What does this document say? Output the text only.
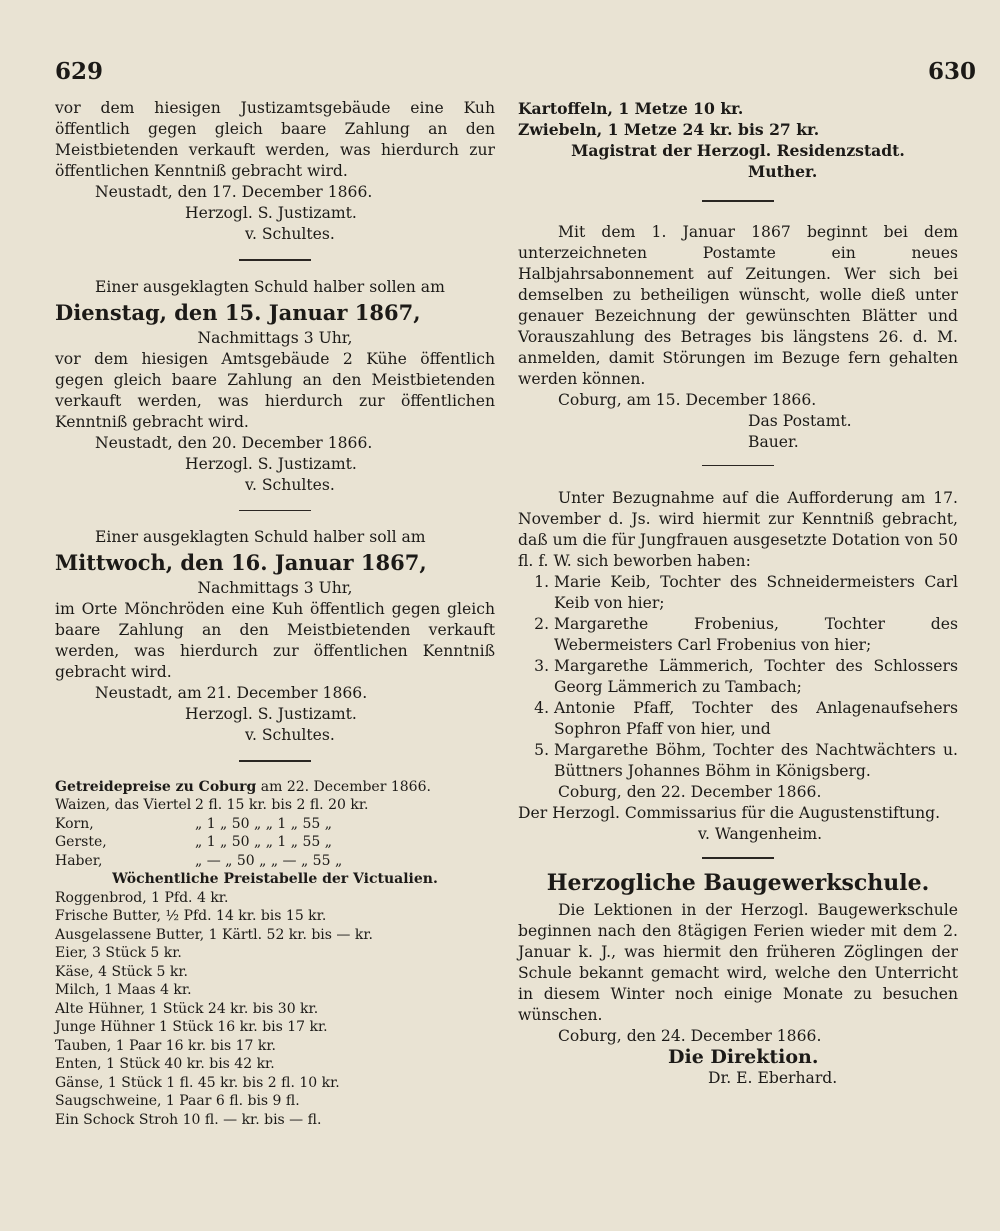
629	630

vor dem hiesigen Justizamtsgebäude eine Kuh öffentlich gegen gleich baare Zahlung an den Meistbietenden verkauft werden, was hierdurch zur öffentlichen Kenntniß gebracht wird.

Neustadt, den 17. December 1866.

Herzogl. S. Justizamt.

v. Schultes.

Einer ausgeklagten Schuld halber sollen am

Dienstag, den 15. Januar 1867,

Nachmittags 3 Uhr,

vor dem hiesigen Amtsgebäude 2 Kühe öffentlich gegen gleich baare Zahlung an den Meistbietenden verkauft werden, was hierdurch zur öffentlichen Kenntniß gebracht wird.

Neustadt, den 20. December 1866.

Herzogl. S. Justizamt.

v. Schultes.

Einer ausgeklagten Schuld halber soll am

Mittwoch, den 16. Januar 1867,

Nachmittags 3 Uhr,

im Orte Mönchröden eine Kuh öffentlich gegen gleich baare Zahlung an den Meistbietenden verkauft werden, was hierdurch zur öffentlichen Kenntniß gebracht wird.

Neustadt, am 21. December 1866.

Herzogl. S. Justizamt.

v. Schultes.

Getreidepreise zu Coburg am 22. December 1866.

Waizen, das Viertel 2 fl. 15 kr. bis 2 fl. 20 kr.
Korn,	„ 1 „ 50 „ „ 1 „ 55 „
Gerste,	„ 1 „ 50 „ „ 1 „ 55 „
Haber,	„ — „ 50 „ „ — „ 55 „

Wöchentliche Preistabelle der Victualien.

Roggenbrod, 1 Pfd. 4 kr.

Frische Butter, ½ Pfd. 14 kr. bis 15 kr.

Ausgelassene Butter, 1 Kärtl. 52 kr. bis — kr.

Eier, 3 Stück 5 kr.

Käse, 4 Stück 5 kr.

Milch, 1 Maas 4 kr.

Alte Hühner, 1 Stück 24 kr. bis 30 kr.

Junge Hühner 1 Stück 16 kr. bis 17 kr.

Tauben, 1 Paar 16 kr. bis 17 kr.

Enten, 1 Stück 40 kr. bis 42 kr.

Gänse, 1 Stück 1 fl. 45 kr. bis 2 fl. 10 kr.

Saugschweine, 1 Paar 6 fl. bis 9 fl.

Ein Schock Stroh 10 fl. — kr. bis — fl.

Kartoffeln, 1 Metze 10 kr.

Zwiebeln, 1 Metze 24 kr. bis 27 kr.

Magistrat der Herzogl. Residenzstadt.

Muther.

Mit dem 1. Januar 1867 beginnt bei dem unterzeichneten Postamte ein neues Halbjahrsabonnement auf Zeitungen. Wer sich bei demselben zu betheiligen wünscht, wolle dieß unter genauer Bezeichnung der gewünschten Blätter und Vorauszahlung des Betrages bis längstens 26. d. M. anmelden, damit Störungen im Bezuge fern gehalten werden können.

Coburg, am 15. December 1866.

Das Postamt.

Bauer.

Unter Bezugnahme auf die Aufforderung am 17. November d. Js. wird hiermit zur Kenntniß gebracht, daß um die für Jungfrauen ausgesetzte Dotation von 50 fl. f. W. sich beworben haben:

1. Marie Keib, Tochter des Schneidermeisters Carl Keib von hier;
2. Margarethe Frobenius, Tochter des Webermeisters Carl Frobenius von hier;
3. Margarethe Lämmerich, Tochter des Schlossers Georg Lämmerich zu Tambach;
4. Antonie Pfaff, Tochter des Anlagenaufsehers Sophron Pfaff von hier, und
5. Margarethe Böhm, Tochter des Nachtwächters u. Büttners Johannes Böhm in Königsberg.

Coburg, den 22. December 1866.

Der Herzogl. Commissarius für die Augustenstiftung.

v. Wangenheim.

Herzogliche Baugewerkschule.

Die Lektionen in der Herzogl. Baugewerkschule beginnen nach den 8tägigen Ferien wieder mit dem 2. Januar k. J., was hiermit den früheren Zöglingen der Schule bekannt gemacht wird, welche den Unterricht in diesem Winter noch einige Monate zu besuchen wünschen.

Coburg, den 24. December 1866.

Die Direktion.

Dr. E. Eberhard.
